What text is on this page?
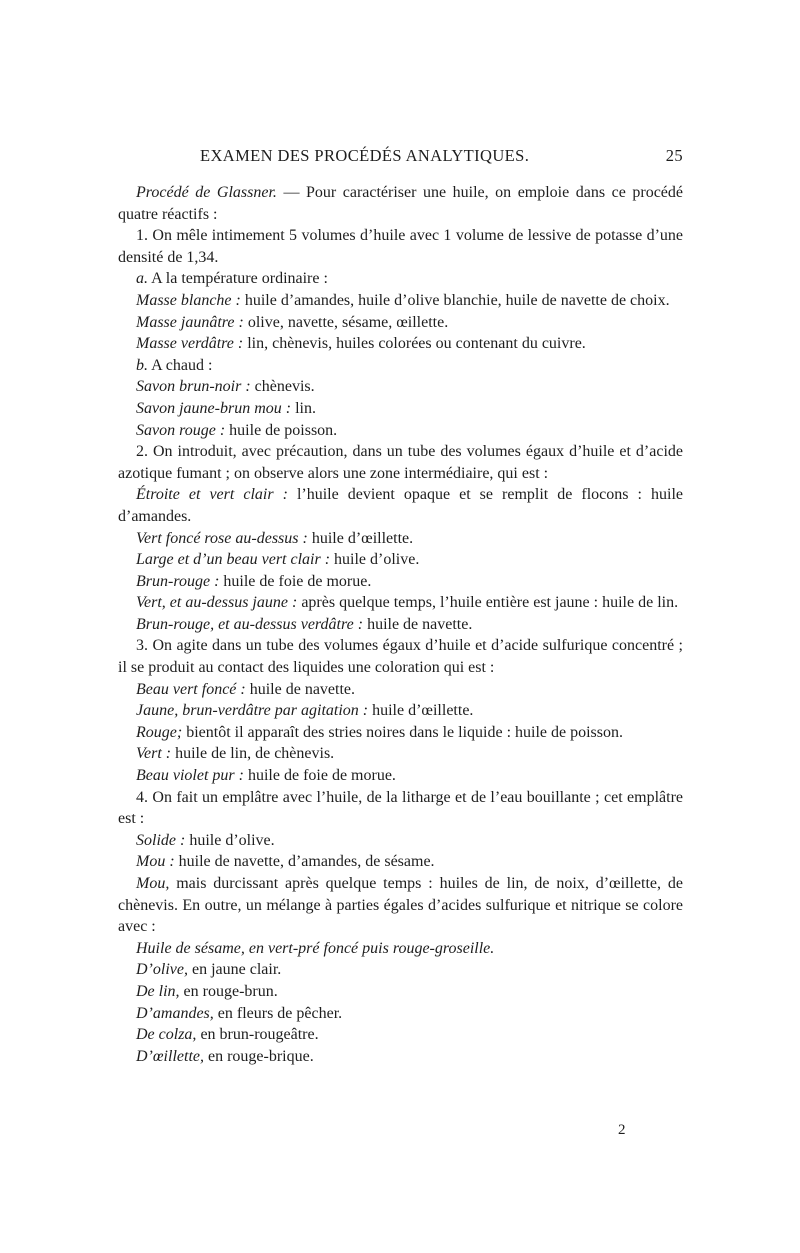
EXAMEN DES PROCÉDÉS ANALYTIQUES.	25

Procédé de Glassner. — Pour caractériser une huile, on emploie dans ce procédé quatre réactifs :

1. On mêle intimement 5 volumes d’huile avec 1 volume de lessive de potasse d’une densité de 1,34.

a. A la température ordinaire :

Masse blanche : huile d’amandes, huile d’olive blanchie, huile de navette de choix.

Masse jaunâtre : olive, navette, sésame, œillette.

Masse verdâtre : lin, chènevis, huiles colorées ou contenant du cuivre.

b. A chaud :

Savon brun-noir : chènevis.

Savon jaune-brun mou : lin.

Savon rouge : huile de poisson.

2. On introduit, avec précaution, dans un tube des volumes égaux d’huile et d’acide azotique fumant ; on observe alors une zone intermédiaire, qui est :

Étroite et vert clair : l’huile devient opaque et se remplit de flocons : huile d’amandes.

Vert foncé rose au-dessus : huile d’œillette.

Large et d’un beau vert clair : huile d’olive.

Brun-rouge : huile de foie de morue.

Vert, et au-dessus jaune : après quelque temps, l’huile entière est jaune : huile de lin.

Brun-rouge, et au-dessus verdâtre : huile de navette.

3. On agite dans un tube des volumes égaux d’huile et d’acide sulfurique concentré ; il se produit au contact des liquides une coloration qui est :

Beau vert foncé : huile de navette.

Jaune, brun-verdâtre par agitation : huile d’œillette.

Rouge; bientôt il apparaît des stries noires dans le liquide : huile de poisson.

Vert : huile de lin, de chènevis.

Beau violet pur : huile de foie de morue.

4. On fait un emplâtre avec l’huile, de la litharge et de l’eau bouillante ; cet emplâtre est :

Solide : huile d’olive.

Mou : huile de navette, d’amandes, de sésame.

Mou, mais durcissant après quelque temps : huiles de lin, de noix, d’œillette, de chènevis. En outre, un mélange à parties égales d’acides sulfurique et nitrique se colore avec :

Huile de sésame, en vert-pré foncé puis rouge-groseille.

D’olive, en jaune clair.

De lin, en rouge-brun.

D’amandes, en fleurs de pêcher.

De colza, en brun-rougeâtre.

D’œillette, en rouge-brique.

2
